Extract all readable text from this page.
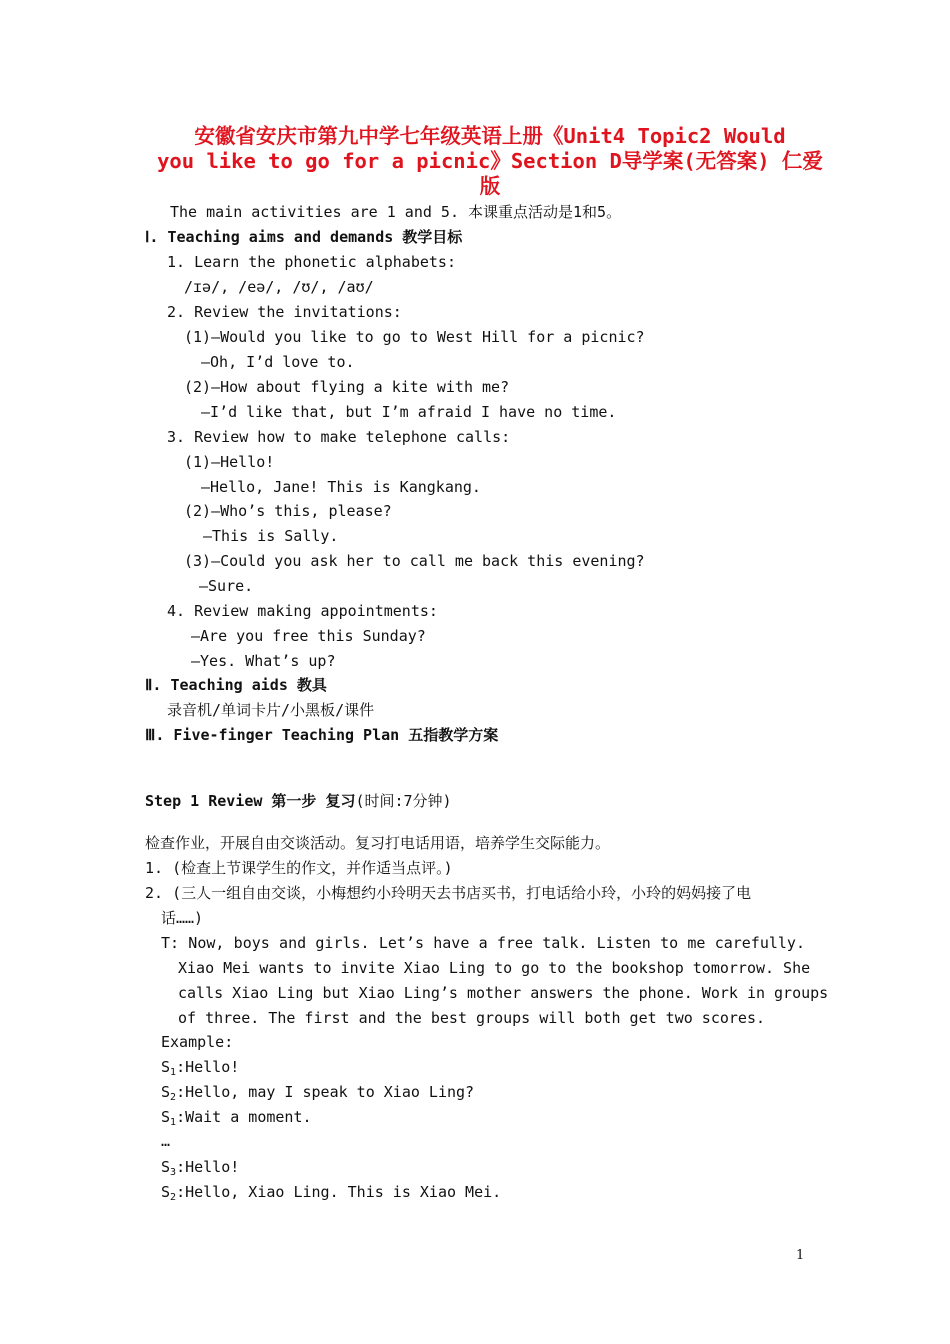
安徽省安庆市第九中学七年级英语上册《Unit4 Topic2 Would
you like to go for a picnic》Section D导学案(无答案) 仁爱
版
The main activities are 1 and 5. 本课重点活动是1和5。
Ⅰ. Teaching aims and demands 教学目标
1. Learn the phonetic alphabets:
/ɪə/, /eə/, /ʊ/, /aʊ/
2. Review the invitations:
(1)—Would you like to go to West Hill for a picnic?
—Oh, I’d love to.
(2)—How about flying a kite with me?
—I’d like that, but I’m afraid I have no time.
3. Review how to make telephone calls:
(1)—Hello!
—Hello, Jane! This is Kangkang.
(2)—Who’s this, please?
—This is Sally.
(3)—Could you ask her to call me back this evening?
—Sure.
4. Review making appointments:
—Are you free this Sunday?
—Yes. What’s up?
Ⅱ. Teaching aids 教具
录音机/单词卡片/小黑板/课件
Ⅲ. Five-finger Teaching Plan 五指教学方案
Step 1 Review 第一步 复习(时间:7分钟)
检查作业，开展自由交谈活动。复习打电话用语，培养学生交际能力。
1. (检查上节课学生的作文，并作适当点评。)
2. (三人一组自由交谈，小梅想约小玲明天去书店买书，打电话给小玲，小玲的妈妈接了电
话……)
T: Now, boys and girls. Let’s have a free talk. Listen to me carefully.
Xiao Mei wants to invite Xiao Ling to go to the bookshop tomorrow. She
calls Xiao Ling but Xiao Ling’s mother answers the phone. Work in groups
of three. The first and the best groups will both get two scores.
Example:
$S_1:Hello$!
$S_2:Hello$, may I speak to Xiao Ling?
$S_1:Wait$ a moment.
…
$S_3:Hello$!
$S_2:Hello$, Xiao Ling. This is Xiao Mei.
1
